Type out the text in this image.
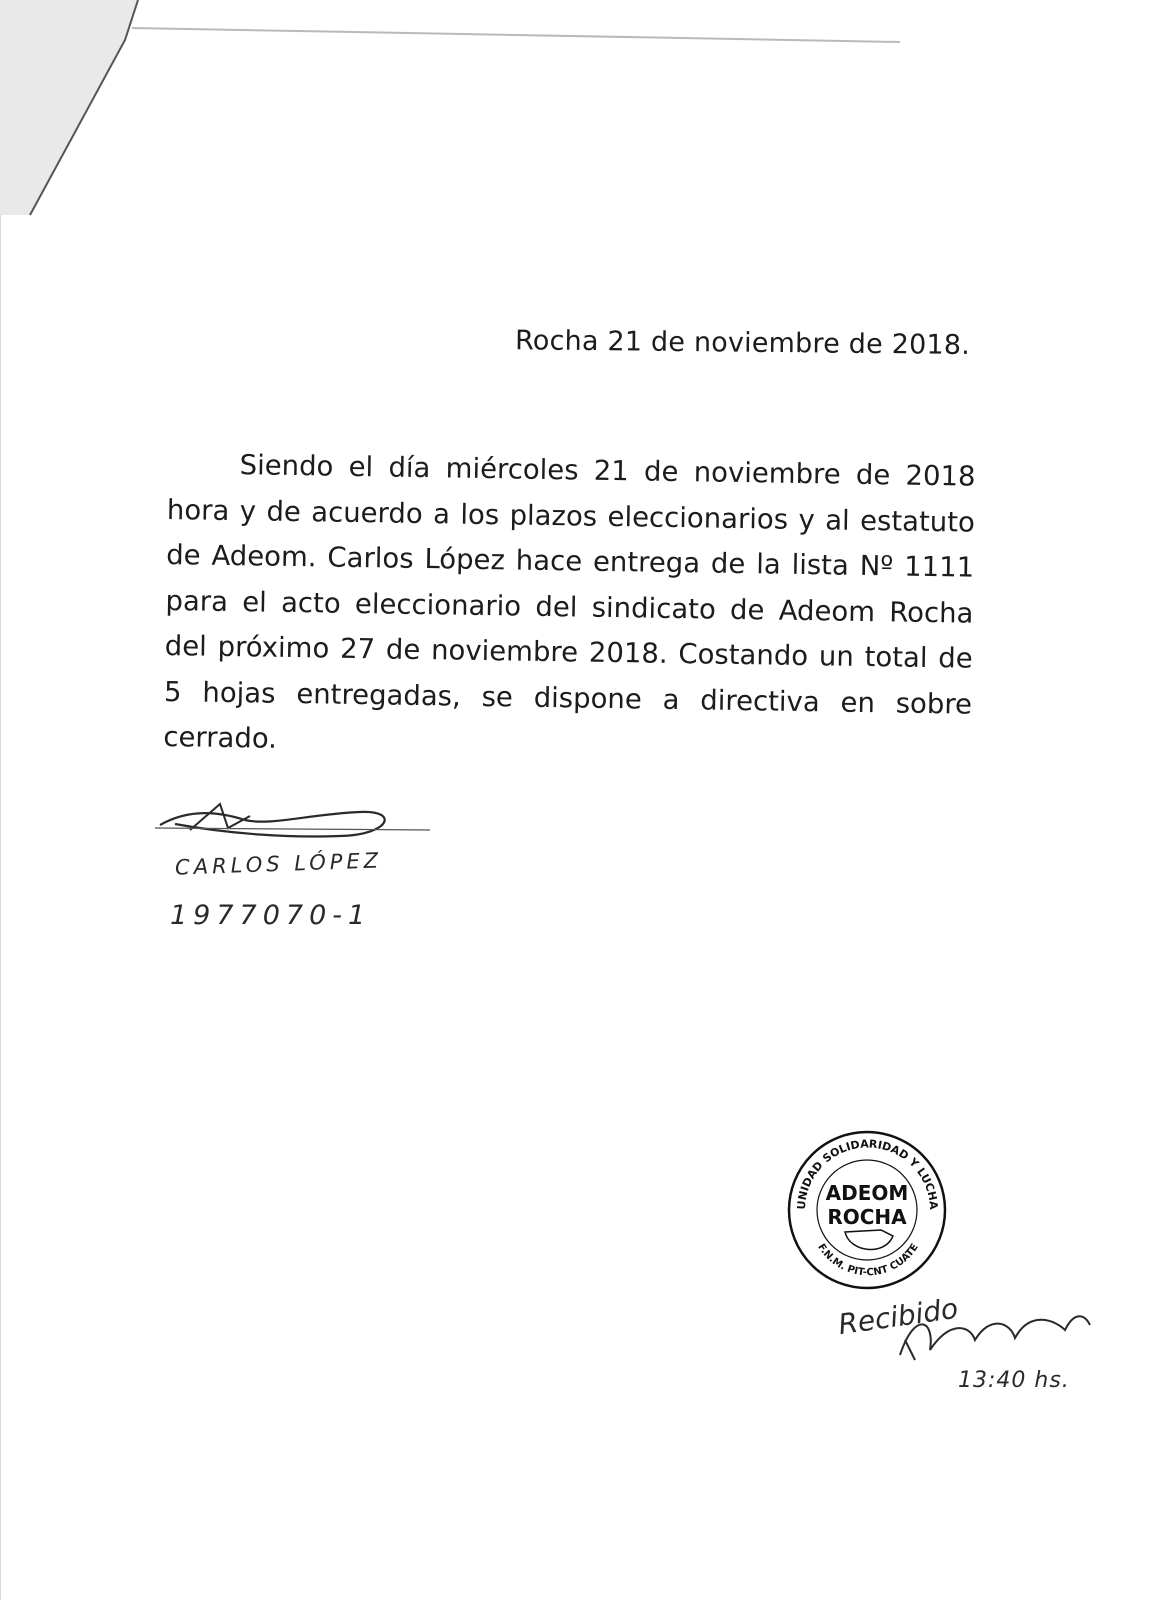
Rocha 21 de noviembre de 2018.
Siendo el día miércoles 21 de noviembre de 2018 hora y de acuerdo a los plazos eleccionarios y al estatuto de Adeom. Carlos López hace entrega de la lista Nº 1111 para el acto eleccionario del sindicato de Adeom Rocha del próximo 27 de noviembre 2018. Costando un total de 5 hojas entregadas, se dispone a directiva en sobre cerrado.
CARLOS LÓPEZ
1977070-1
UNIDAD SOLIDARIDAD Y LUCHA
F.N.M. PIT-CNT CUATE
ADEOM
ROCHA
Recibido
13:40 hs.
